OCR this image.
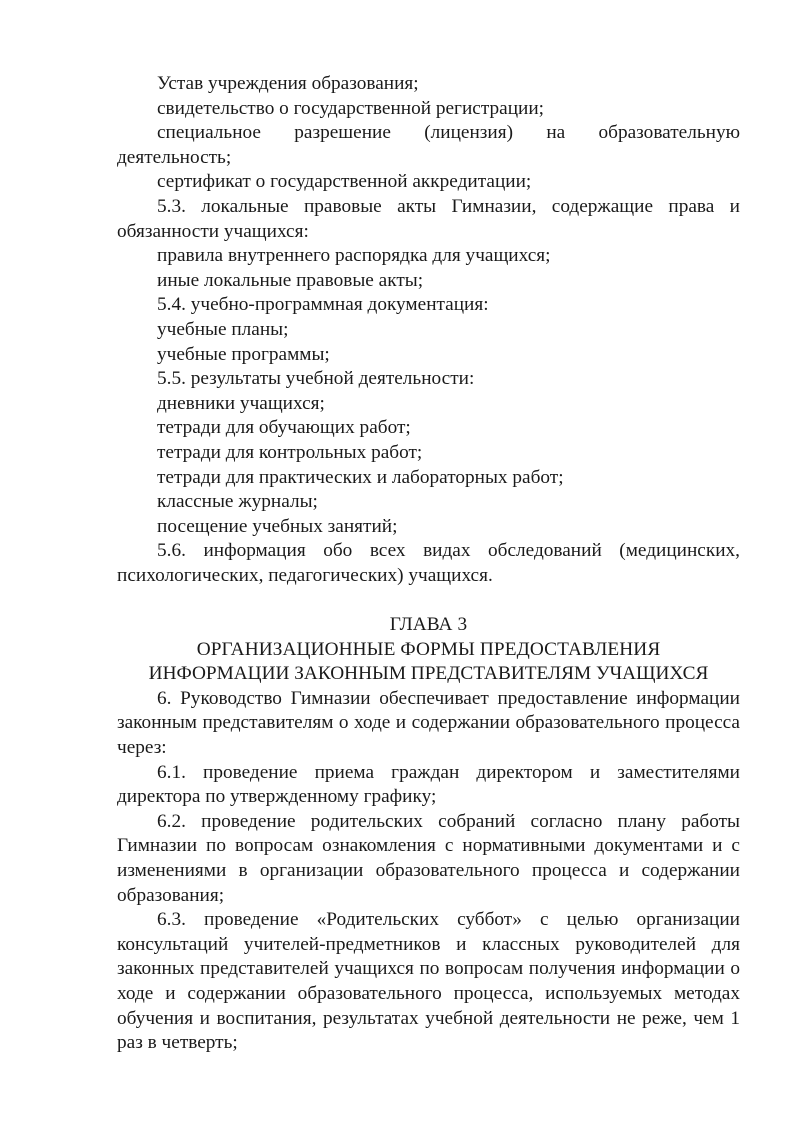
Устав учреждения образования;

свидетельство о государственной регистрации;

специальное разрешение (лицензия) на образовательную деятельность;

сертификат о государственной аккредитации;

5.3. локальные правовые акты Гимназии, содержащие права и обязанности учащихся:

правила внутреннего распорядка для учащихся;

иные локальные правовые акты;

5.4. учебно-программная документация:

учебные планы;

учебные программы;

5.5. результаты учебной деятельности:

дневники учащихся;

тетради для обучающих работ;

тетради для контрольных работ;

тетради для практических и лабораторных работ;

классные журналы;

посещение учебных занятий;

5.6. информация обо всех видах обследований (медицинских, психологических, педагогических) учащихся.

ГЛАВА 3

ОРГАНИЗАЦИОННЫЕ ФОРМЫ ПРЕДОСТАВЛЕНИЯ

ИНФОРМАЦИИ ЗАКОННЫМ ПРЕДСТАВИТЕЛЯМ УЧАЩИХСЯ

6. Руководство Гимназии обеспечивает предоставление информации законным представителям о ходе и содержании образовательного процесса через:

6.1. проведение приема граждан директором и заместителями директора по утвержденному графику;

6.2. проведение родительских собраний согласно плану работы Гимназии по вопросам ознакомления с нормативными документами и с изменениями в организации образовательного процесса и содержании образования;

6.3. проведение «Родительских суббот» с целью организации консультаций учителей-предметников и классных руководителей для законных представителей учащихся по вопросам получения информации о ходе и содержании образовательного процесса, используемых методах обучения и воспитания, результатах учебной деятельности не реже, чем 1 раз в четверть;
